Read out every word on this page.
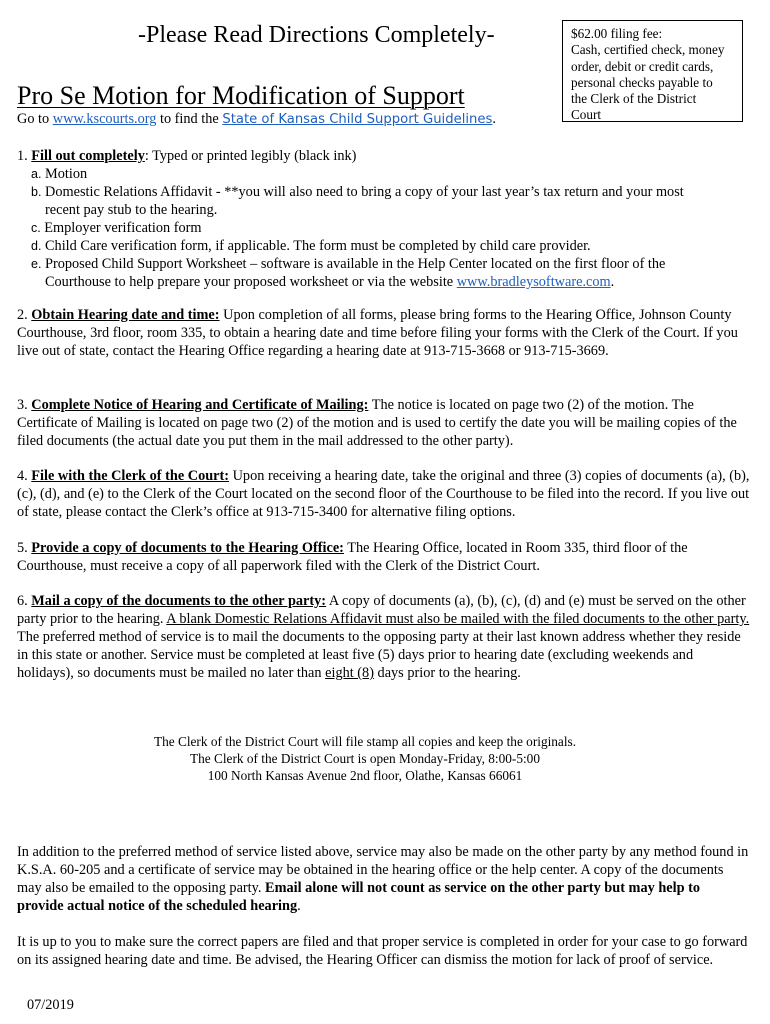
-Please Read Directions Completely-	$62.00 filing fee:
Cash, certified check, money
order, debit or credit cards,
personal checks payable to
the Clerk of the District
Court
Pro Se Motion for Modification of Support
Go to www.kscourts.org to find the State of Kansas Child Support Guidelines.
1. Fill out completely: Typed or printed legibly (black ink)
a. Motion
b. Domestic Relations Affidavit - **you will also need to bring a copy of your last year’s tax return and your most
recent pay stub to the hearing.
c. Employer verification form
d. Child Care verification form, if applicable. The form must be completed by child care provider.
e. Proposed Child Support Worksheet – software is available in the Help Center located on the first floor of the
Courthouse to help prepare your proposed worksheet or via the website www.bradleysoftware.com.
2. Obtain Hearing date and time: Upon completion of all forms, please bring forms to the Hearing Office, Johnson County Courthouse, 3rd floor, room 335, to obtain a hearing date and time before filing your forms with the Clerk of the Court. If you live out of state, contact the Hearing Office regarding a hearing date at 913-715-3668 or 913-715-3669.
3. Complete Notice of Hearing and Certificate of Mailing: The notice is located on page two (2) of the motion. The Certificate of Mailing is located on page two (2) of the motion and is used to certify the date you will be mailing copies of the filed documents (the actual date you put them in the mail addressed to the other party).
4. File with the Clerk of the Court: Upon receiving a hearing date, take the original and three (3) copies of documents (a), (b), (c), (d), and (e) to the Clerk of the Court located on the second floor of the Courthouse to be filed into the record. If you live out of state, please contact the Clerk’s office at 913-715-3400 for alternative filing options.
5. Provide a copy of documents to the Hearing Office: The Hearing Office, located in Room 335, third floor of the Courthouse, must receive a copy of all paperwork filed with the Clerk of the District Court.
6. Mail a copy of the documents to the other party: A copy of documents (a), (b), (c), (d) and (e) must be served on the other party prior to the hearing. A blank Domestic Relations Affidavit must also be mailed with the filed documents to the other party. The preferred method of service is to mail the documents to the opposing party at their last known address whether they reside in this state or another. Service must be completed at least five (5) days prior to hearing date (excluding weekends and holidays), so documents must be mailed no later than eight (8) days prior to the hearing.
The Clerk of the District Court will file stamp all copies and keep the originals.
The Clerk of the District Court is open Monday-Friday, 8:00-5:00
100 North Kansas Avenue 2nd floor, Olathe, Kansas 66061
In addition to the preferred method of service listed above, service may also be made on the other party by any method found in K.S.A. 60-205 and a certificate of service may be obtained in the hearing office or the help center. A copy of the documents may also be emailed to the opposing party. Email alone will not count as service on the other party but may help to provide actual notice of the scheduled hearing.
It is up to you to make sure the correct papers are filed and that proper service is completed in order for your case to go forward on its assigned hearing date and time. Be advised, the Hearing Officer can dismiss the motion for lack of proof of service.
07/2019
